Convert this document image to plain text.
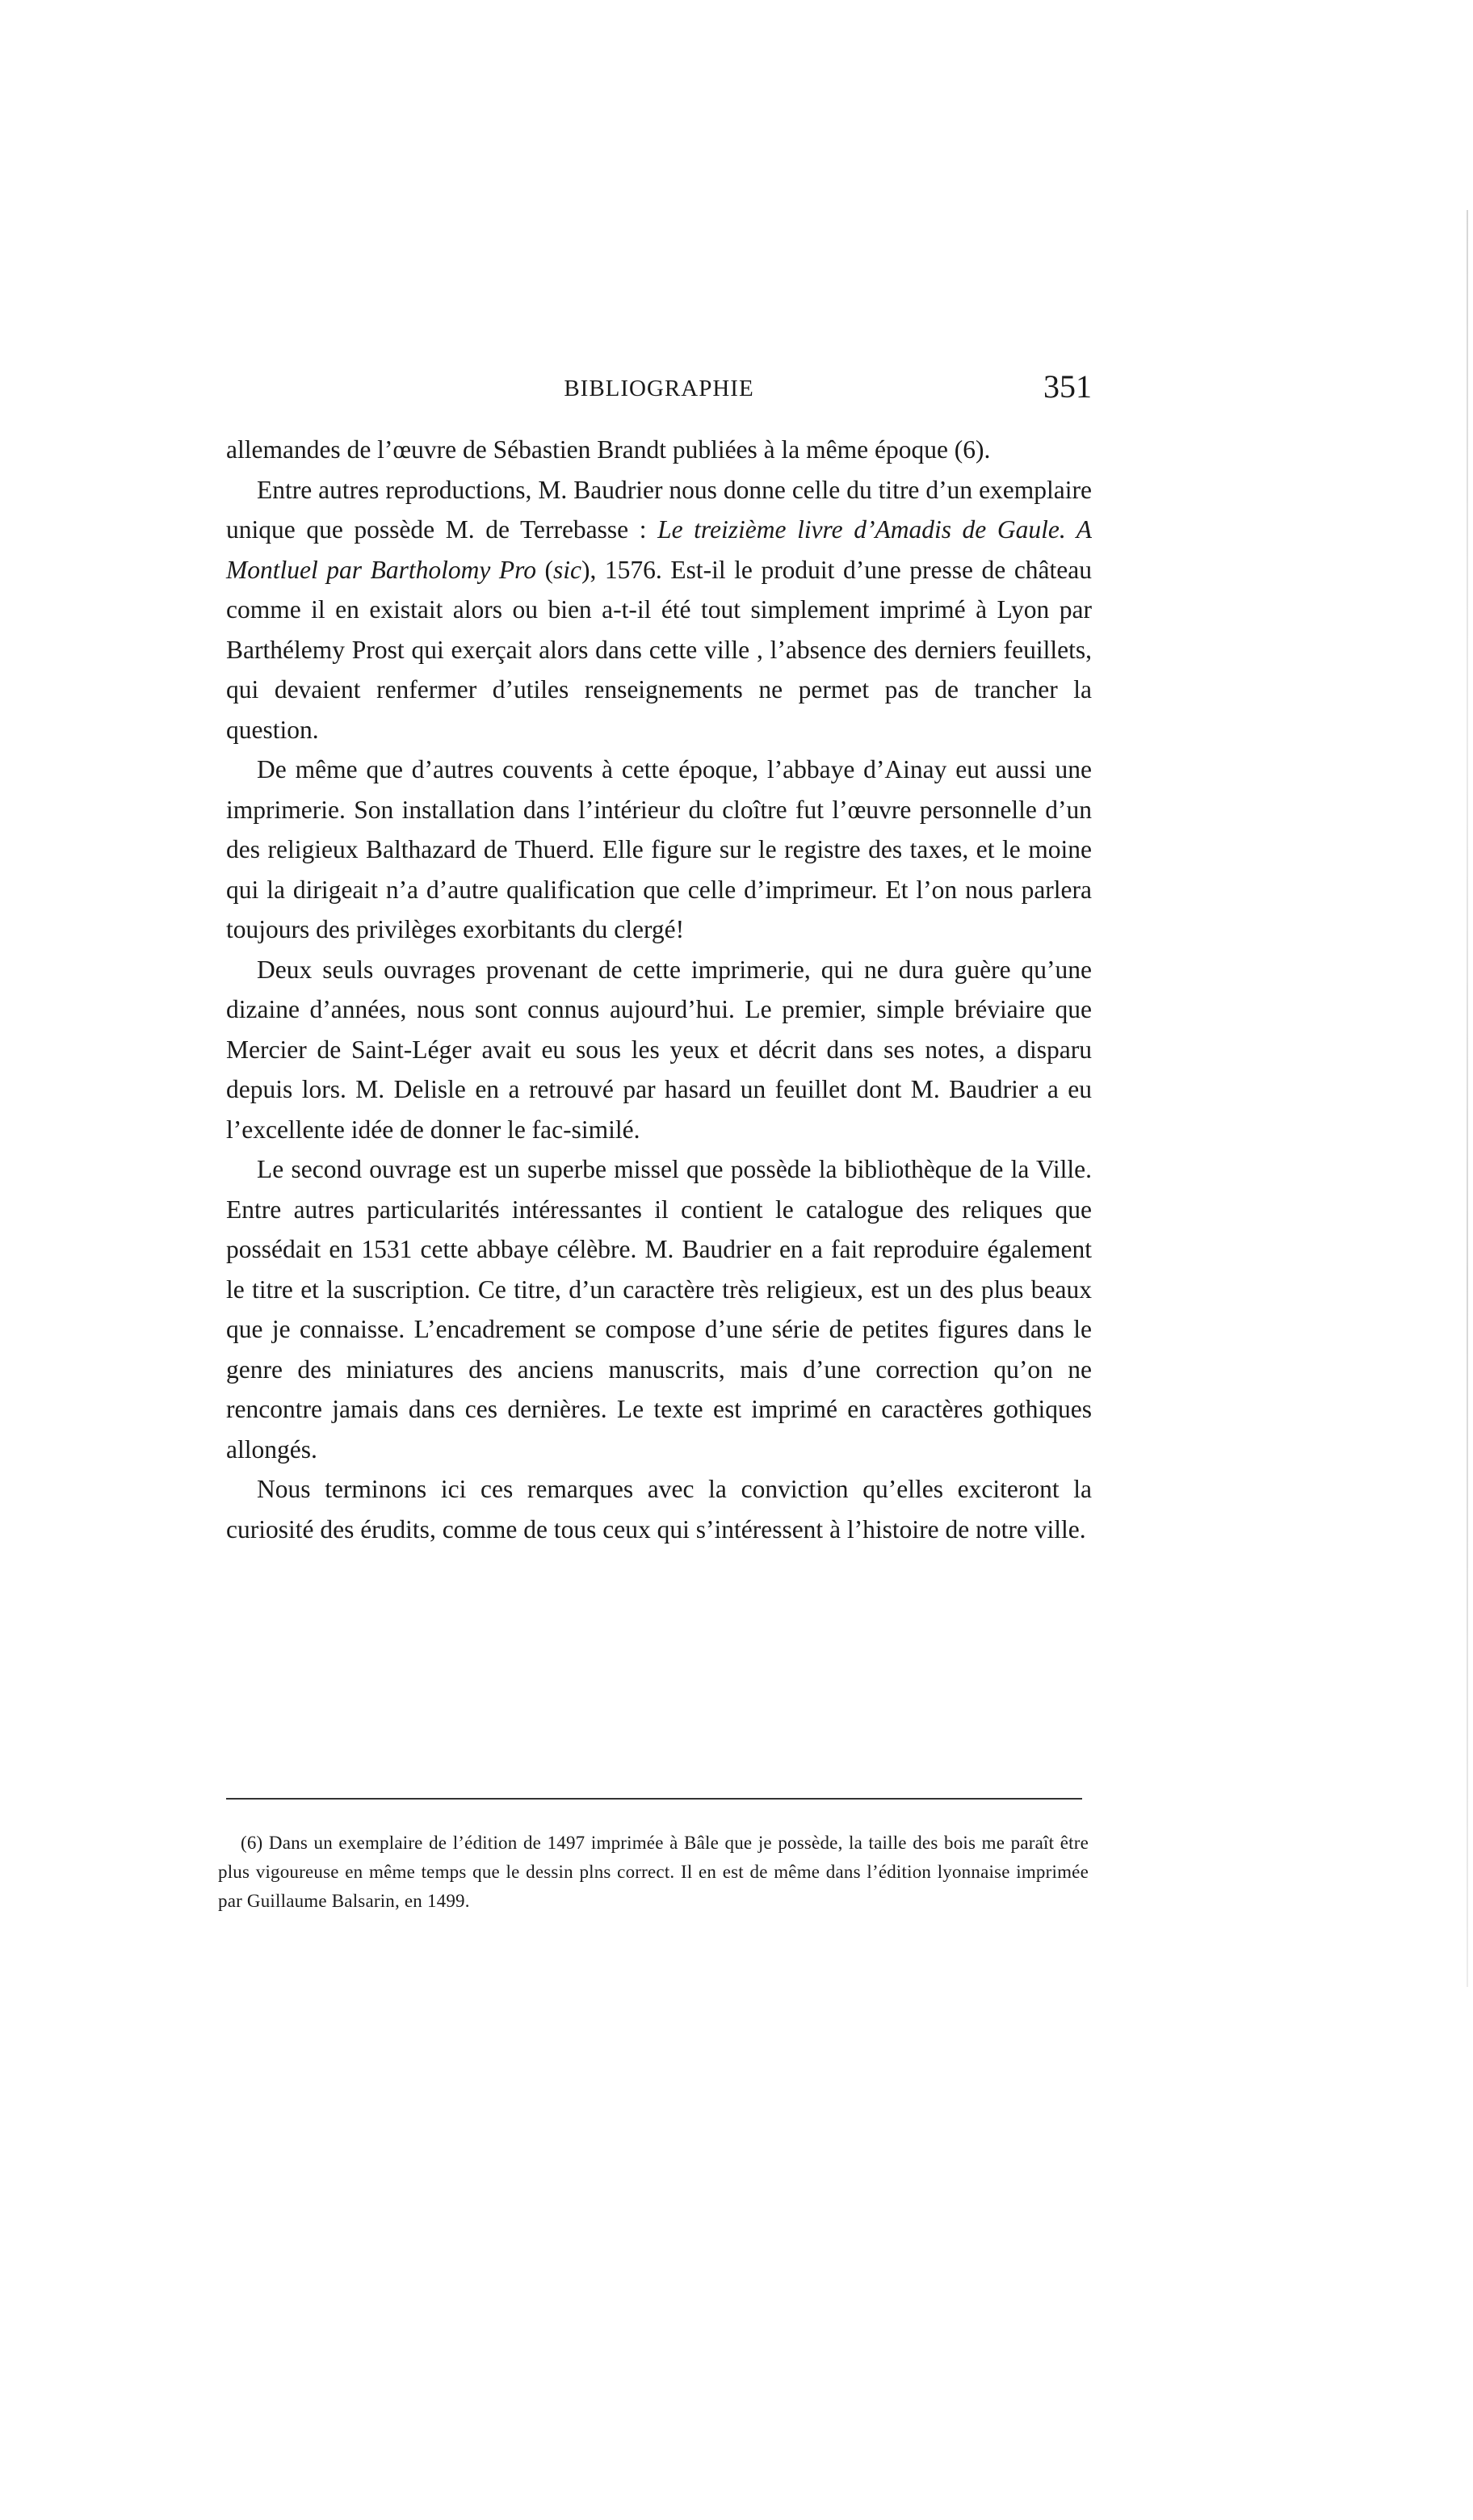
BIBLIOGRAPHIE	351

allemandes de l’œuvre de Sébastien Brandt publiées à la même époque (6).

Entre autres reproductions, M. Baudrier nous donne celle du titre d’un exemplaire unique que possède M. de Terrebasse : Le treizième livre d’Amadis de Gaule. A Montluel par Bartholomy Pro (sic), 1576. Est-il le produit d’une presse de château comme il en existait alors ou bien a-t-il été tout simplement imprimé à Lyon par Barthélemy Prost qui exerçait alors dans cette ville , l’absence des derniers feuillets, qui devaient renfermer d’utiles renseignements ne permet pas de trancher la question.

De même que d’autres couvents à cette époque, l’abbaye d’Ainay eut aussi une imprimerie. Son installation dans l’intérieur du cloître fut l’œuvre personnelle d’un des religieux Balthazard de Thuerd. Elle figure sur le registre des taxes, et le moine qui la dirigeait n’a d’autre qualification que celle d’imprimeur. Et l’on nous parlera toujours des privilèges exorbitants du clergé!

Deux seuls ouvrages provenant de cette imprimerie, qui ne dura guère qu’une dizaine d’années, nous sont connus aujourd’hui. Le premier, simple bréviaire que Mercier de Saint-Léger avait eu sous les yeux et décrit dans ses notes, a disparu depuis lors. M. Delisle en a retrouvé par hasard un feuillet dont M. Baudrier a eu l’excellente idée de donner le fac-similé.

Le second ouvrage est un superbe missel que possède la bibliothèque de la Ville. Entre autres particularités intéressantes il contient le catalogue des reliques que possédait en 1531 cette abbaye célèbre. M. Baudrier en a fait reproduire également le titre et la suscription. Ce titre, d’un caractère très religieux, est un des plus beaux que je connaisse. L’encadrement se compose d’une série de petites figures dans le genre des miniatures des anciens manuscrits, mais d’une correction qu’on ne rencontre jamais dans ces dernières. Le texte est imprimé en caractères gothiques allongés.

Nous terminons ici ces remarques avec la conviction qu’elles exciteront la curiosité des érudits, comme de tous ceux qui s’intéressent à l’histoire de notre ville.

(6) Dans un exemplaire de l’édition de 1497 imprimée à Bâle que je possède, la taille des bois me paraît être plus vigoureuse en même temps que le dessin plns correct. Il en est de même dans l’édition lyonnaise imprimée par Guillaume Balsarin, en 1499.
